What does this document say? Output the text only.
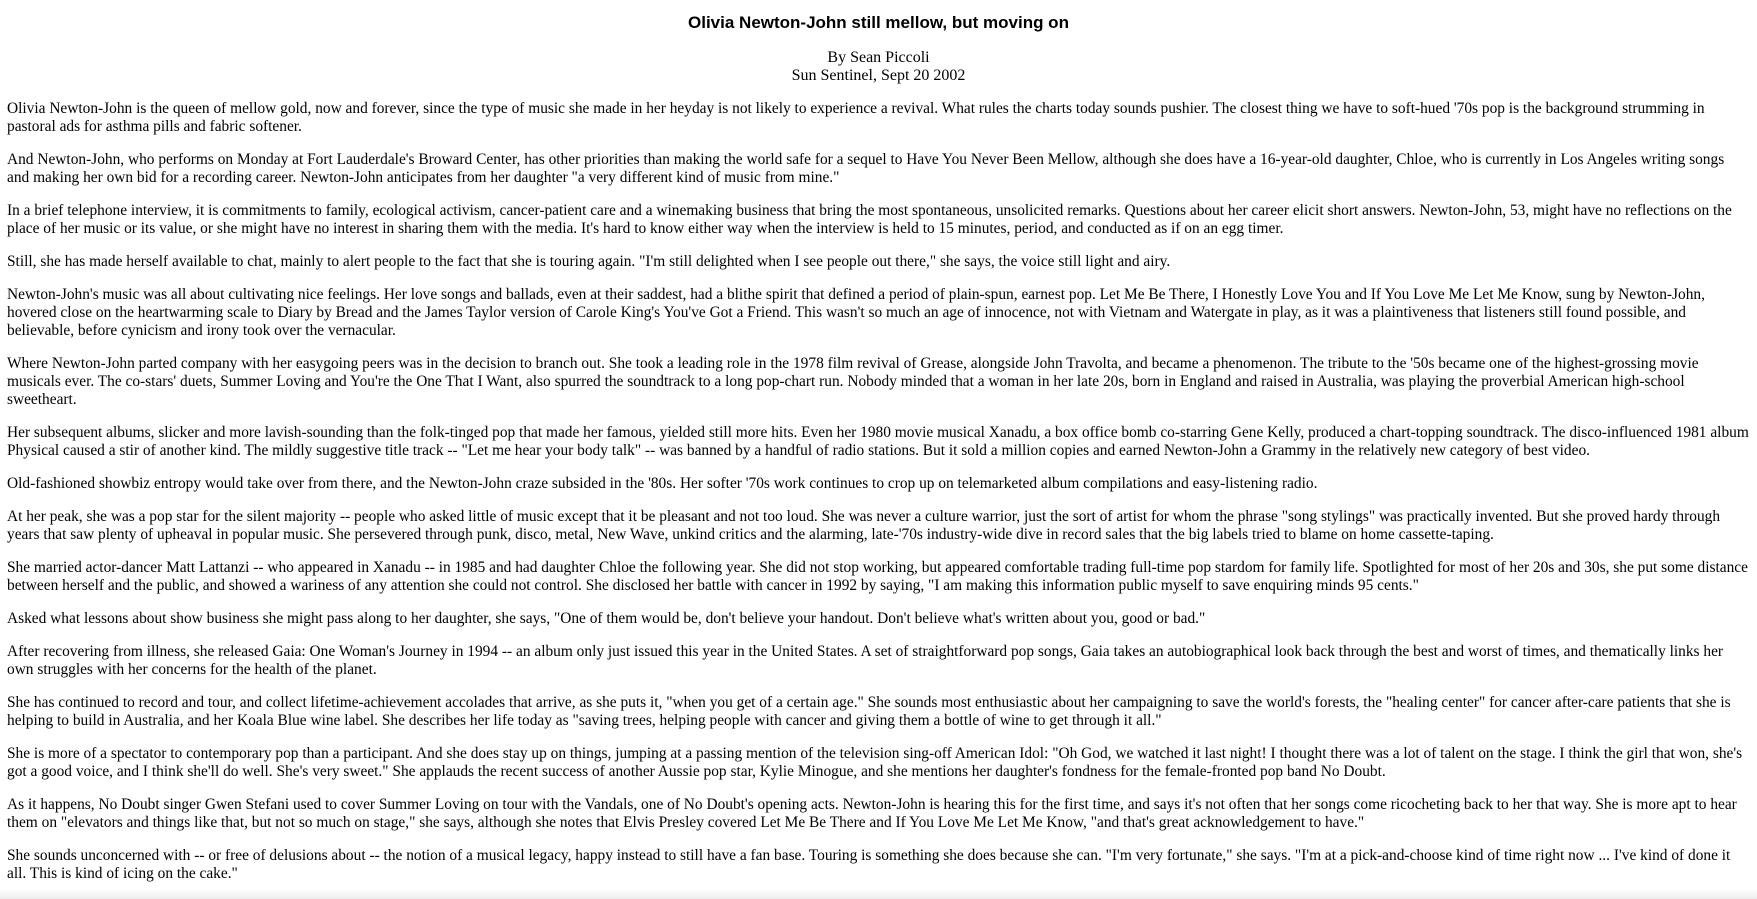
Olivia Newton-John still mellow, but moving on
By Sean Piccoli
Sun Sentinel, Sept 20 2002

Olivia Newton-John is the queen of mellow gold, now and forever, since the type of music she made in her heyday is not likely to experience a revival. What rules the charts today sounds pushier. The closest thing we have to soft-hued '70s pop is the background strumming in pastoral ads for asthma pills and fabric softener.

And Newton-John, who performs on Monday at Fort Lauderdale's Broward Center, has other priorities than making the world safe for a sequel to Have You Never Been Mellow, although she does have a 16-year-old daughter, Chloe, who is currently in Los Angeles writing songs and making her own bid for a recording career. Newton-John anticipates from her daughter "a very different kind of music from mine."

In a brief telephone interview, it is commitments to family, ecological activism, cancer-patient care and a winemaking business that bring the most spontaneous, unsolicited remarks. Questions about her career elicit short answers. Newton-John, 53, might have no reflections on the place of her music or its value, or she might have no interest in sharing them with the media. It's hard to know either way when the interview is held to 15 minutes, period, and conducted as if on an egg timer.

Still, she has made herself available to chat, mainly to alert people to the fact that she is touring again. "I'm still delighted when I see people out there," she says, the voice still light and airy.

Newton-John's music was all about cultivating nice feelings. Her love songs and ballads, even at their saddest, had a blithe spirit that defined a period of plain-spun, earnest pop. Let Me Be There, I Honestly Love You and If You Love Me Let Me Know, sung by Newton-John, hovered close on the heartwarming scale to Diary by Bread and the James Taylor version of Carole King's You've Got a Friend. This wasn't so much an age of innocence, not with Vietnam and Watergate in play, as it was a plaintiveness that listeners still found possible, and believable, before cynicism and irony took over the vernacular.

Where Newton-John parted company with her easygoing peers was in the decision to branch out. She took a leading role in the 1978 film revival of Grease, alongside John Travolta, and became a phenomenon. The tribute to the '50s became one of the highest-grossing movie musicals ever. The co-stars' duets, Summer Loving and You're the One That I Want, also spurred the soundtrack to a long pop-chart run. Nobody minded that a woman in her late 20s, born in England and raised in Australia, was playing the proverbial American high-school sweetheart.

Her subsequent albums, slicker and more lavish-sounding than the folk-tinged pop that made her famous, yielded still more hits. Even her 1980 movie musical Xanadu, a box office bomb co-starring Gene Kelly, produced a chart-topping soundtrack. The disco-influenced 1981 album Physical caused a stir of another kind. The mildly suggestive title track -- "Let me hear your body talk" -- was banned by a handful of radio stations. But it sold a million copies and earned Newton-John a Grammy in the relatively new category of best video.

Old-fashioned showbiz entropy would take over from there, and the Newton-John craze subsided in the '80s. Her softer '70s work continues to crop up on telemarketed album compilations and easy-listening radio.

At her peak, she was a pop star for the silent majority -- people who asked little of music except that it be pleasant and not too loud. She was never a culture warrior, just the sort of artist for whom the phrase "song stylings" was practically invented. But she proved hardy through years that saw plenty of upheaval in popular music. She persevered through punk, disco, metal, New Wave, unkind critics and the alarming, late-'70s industry-wide dive in record sales that the big labels tried to blame on home cassette-taping.

She married actor-dancer Matt Lattanzi -- who appeared in Xanadu -- in 1985 and had daughter Chloe the following year. She did not stop working, but appeared comfortable trading full-time pop stardom for family life. Spotlighted for most of her 20s and 30s, she put some distance between herself and the public, and showed a wariness of any attention she could not control. She disclosed her battle with cancer in 1992 by saying, "I am making this information public myself to save enquiring minds 95 cents."

Asked what lessons about show business she might pass along to her daughter, she says, "One of them would be, don't believe your handout. Don't believe what's written about you, good or bad."

After recovering from illness, she released Gaia: One Woman's Journey in 1994 -- an album only just issued this year in the United States. A set of straightforward pop songs, Gaia takes an autobiographical look back through the best and worst of times, and thematically links her own struggles with her concerns for the health of the planet.

She has continued to record and tour, and collect lifetime-achievement accolades that arrive, as she puts it, "when you get of a certain age." She sounds most enthusiastic about her campaigning to save the world's forests, the "healing center" for cancer after-care patients that she is helping to build in Australia, and her Koala Blue wine label. She describes her life today as "saving trees, helping people with cancer and giving them a bottle of wine to get through it all."

She is more of a spectator to contemporary pop than a participant. And she does stay up on things, jumping at a passing mention of the television sing-off American Idol: "Oh God, we watched it last night! I thought there was a lot of talent on the stage. I think the girl that won, she's got a good voice, and I think she'll do well. She's very sweet." She applauds the recent success of another Aussie pop star, Kylie Minogue, and she mentions her daughter's fondness for the female-fronted pop band No Doubt.

As it happens, No Doubt singer Gwen Stefani used to cover Summer Loving on tour with the Vandals, one of No Doubt's opening acts. Newton-John is hearing this for the first time, and says it's not often that her songs come ricocheting back to her that way. She is more apt to hear them on "elevators and things like that, but not so much on stage," she says, although she notes that Elvis Presley covered Let Me Be There and If You Love Me Let Me Know, "and that's great acknowledgement to have."

She sounds unconcerned with -- or free of delusions about -- the notion of a musical legacy, happy instead to still have a fan base. Touring is something she does because she can. "I'm very fortunate," she says. "I'm at a pick-and-choose kind of time right now ... I've kind of done it all. This is kind of icing on the cake."
